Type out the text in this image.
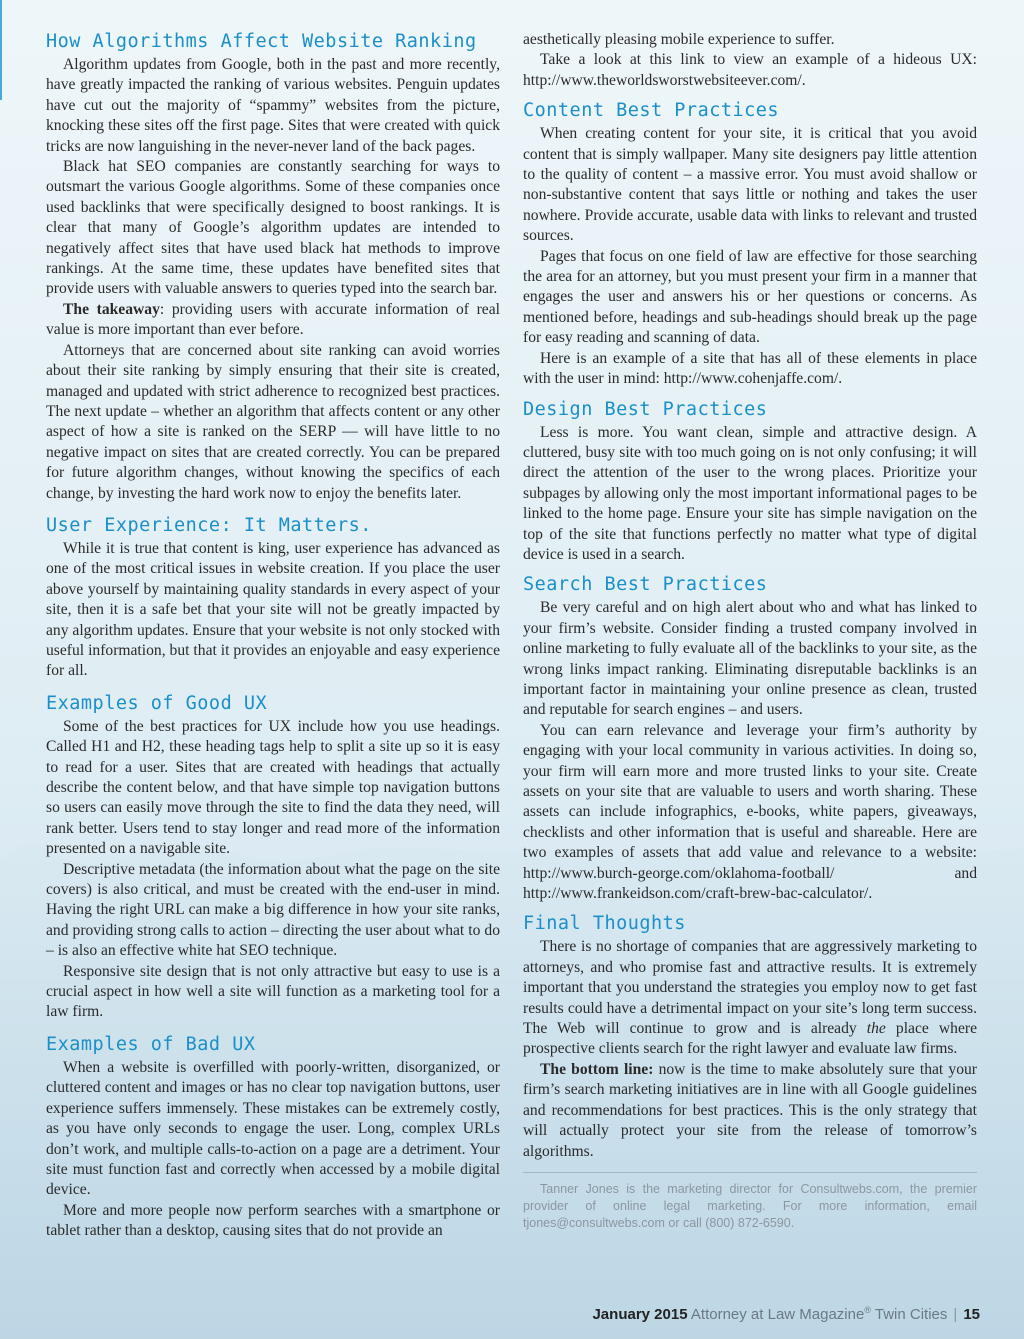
How Algorithms Affect Website Ranking

Algorithm updates from Google, both in the past and more recently, have greatly impacted the ranking of various websites. Penguin updates have cut out the majority of “spammy” websites from the picture, knocking these sites off the first page. Sites that were created with quick tricks are now languishing in the never-never land of the back pages.

Black hat SEO companies are constantly searching for ways to outsmart the various Google algorithms. Some of these companies once used backlinks that were specifically designed to boost rankings. It is clear that many of Google’s algorithm updates are intended to negatively affect sites that have used black hat methods to improve rankings. At the same time, these updates have benefited sites that provide users with valuable answers to queries typed into the search bar.

The takeaway: providing users with accurate information of real value is more important than ever before.

Attorneys that are concerned about site ranking can avoid worries about their site ranking by simply ensuring that their site is created, managed and updated with strict adherence to recognized best practices. The next update – whether an algorithm that affects content or any other aspect of how a site is ranked on the SERP — will have little to no negative impact on sites that are created correctly. You can be prepared for future algorithm changes, without knowing the specifics of each change, by investing the hard work now to enjoy the benefits later.

User Experience: It Matters.

While it is true that content is king, user experience has advanced as one of the most critical issues in website creation. If you place the user above yourself by maintaining quality standards in every aspect of your site, then it is a safe bet that your site will not be greatly impacted by any algorithm updates. Ensure that your website is not only stocked with useful information, but that it provides an enjoyable and easy experience for all.

Examples of Good UX

Some of the best practices for UX include how you use headings. Called H1 and H2, these heading tags help to split a site up so it is easy to read for a user. Sites that are created with headings that actually describe the content below, and that have simple top navigation buttons so users can easily move through the site to find the data they need, will rank better. Users tend to stay longer and read more of the information presented on a navigable site.

Descriptive metadata (the information about what the page on the site covers) is also critical, and must be created with the end-user in mind. Having the right URL can make a big difference in how your site ranks, and providing strong calls to action – directing the user about what to do – is also an effective white hat SEO technique.

Responsive site design that is not only attractive but easy to use is a crucial aspect in how well a site will function as a marketing tool for a law firm.

Examples of Bad UX

When a website is overfilled with poorly-written, disorganized, or cluttered content and images or has no clear top navigation buttons, user experience suffers immensely. These mistakes can be extremely costly, as you have only seconds to engage the user. Long, complex URLs don’t work, and multiple calls-to-action on a page are a detriment. Your site must function fast and correctly when accessed by a mobile digital device.

More and more people now perform searches with a smartphone or tablet rather than a desktop, causing sites that do not provide an

aesthetically pleasing mobile experience to suffer.

Take a look at this link to view an example of a hideous UX: http://www.theworldsworstwebsiteever.com/.

Content Best Practices

When creating content for your site, it is critical that you avoid content that is simply wallpaper. Many site designers pay little attention to the quality of content – a massive error. You must avoid shallow or non-substantive content that says little or nothing and takes the user nowhere. Provide accurate, usable data with links to relevant and trusted sources.

Pages that focus on one field of law are effective for those searching the area for an attorney, but you must present your firm in a manner that engages the user and answers his or her questions or concerns. As mentioned before, headings and sub-headings should break up the page for easy reading and scanning of data.

Here is an example of a site that has all of these elements in place with the user in mind: http://www.cohenjaffe.com/.

Design Best Practices

Less is more. You want clean, simple and attractive design. A cluttered, busy site with too much going on is not only confusing; it will direct the attention of the user to the wrong places. Prioritize your subpages by allowing only the most important informational pages to be linked to the home page. Ensure your site has simple navigation on the top of the site that functions perfectly no matter what type of digital device is used in a search.

Search Best Practices

Be very careful and on high alert about who and what has linked to your firm’s website. Consider finding a trusted company involved in online marketing to fully evaluate all of the backlinks to your site, as the wrong links impact ranking. Eliminating disreputable backlinks is an important factor in maintaining your online presence as clean, trusted and reputable for search engines – and users.

You can earn relevance and leverage your firm’s authority by engaging with your local community in various activities. In doing so, your firm will earn more and more trusted links to your site. Create assets on your site that are valuable to users and worth sharing. These assets can include infographics, e-books, white papers, giveaways, checklists and other information that is useful and shareable. Here are two examples of assets that add value and relevance to a website: http://www.burch-george.com/oklahoma-football/ and http://www.frankeidson.com/craft-brew-bac-calculator/.

Final Thoughts

There is no shortage of companies that are aggressively marketing to attorneys, and who promise fast and attractive results. It is extremely important that you understand the strategies you employ now to get fast results could have a detrimental impact on your site’s long term success. The Web will continue to grow and is already the place where prospective clients search for the right lawyer and evaluate law firms.

The bottom line: now is the time to make absolutely sure that your firm’s search marketing initiatives are in line with all Google guidelines and recommendations for best practices. This is the only strategy that will actually protect your site from the release of tomorrow’s algorithms.

Tanner Jones is the marketing director for Consultwebs.com, the premier provider of online legal marketing. For more information, email tjones@consultwebs.com or call (800) 872-6590.

January 2015 Attorney at Law Magazine® Twin Cities | 15
